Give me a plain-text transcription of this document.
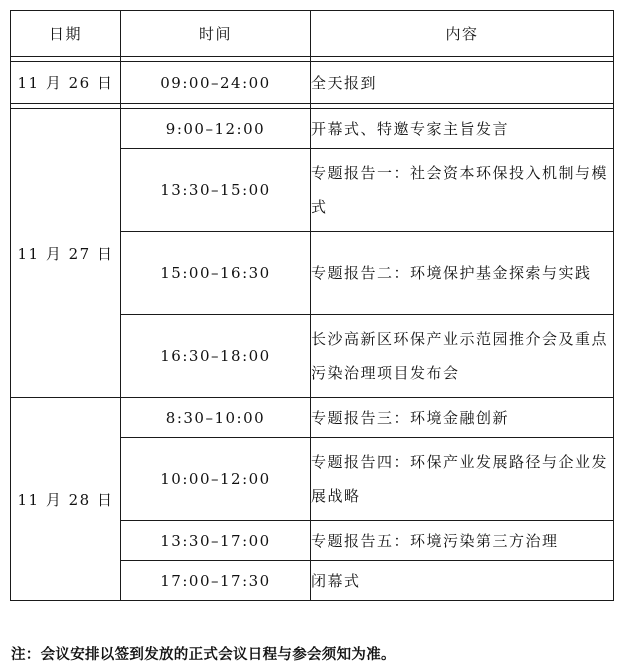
日期	时间	内容

11 月 26 日	09:00–24:00	全天报到

11 月 27 日	9:00–12:00	开幕式、特邀专家主旨发言
	13:30–15:00	专题报告一：社会资本环保投入机制与模式
	15:00–16:30	专题报告二：环境保护基金探索与实践
	16:30–18:00	长沙高新区环保产业示范园推介会及重点污染治理项目发布会
11 月 28 日	8:30–10:00	专题报告三：环境金融创新
	10:00–12:00	专题报告四：环保产业发展路径与企业发展战略
	13:30–17:00	专题报告五：环境污染第三方治理
	17:00–17:30	闭幕式
注：会议安排以签到发放的正式会议日程与参会须知为准。
